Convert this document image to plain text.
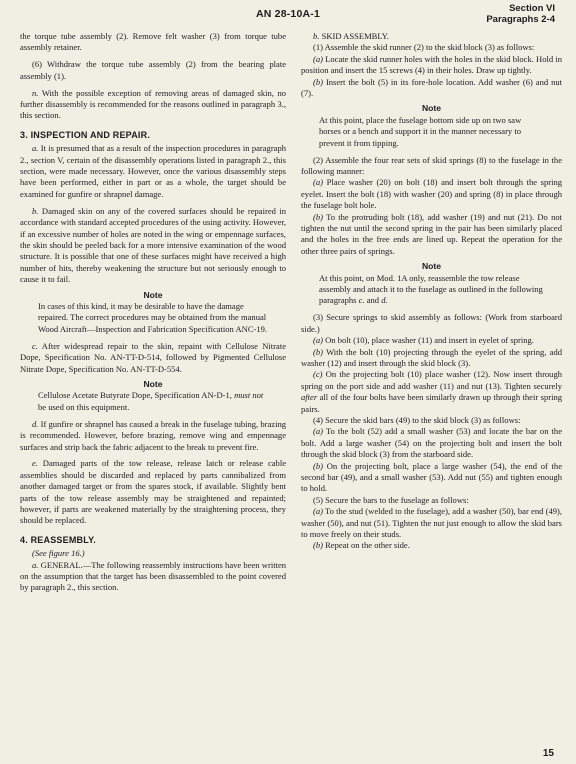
AN 28-10A-1	Section VI
Paragraphs 2-4

the torque tube assembly (2). Remove felt washer (3) from torque tube assembly retainer.

(6) Withdraw the torque tube assembly (2) from the bearing plate assembly (1).

n. With the possible exception of removing areas of damaged skin, no further disassembly is recommended for the reasons outlined in paragraph 3., this section.

3. INSPECTION AND REPAIR.

a. It is presumed that as a result of the inspection procedures in paragraph 2., section V, certain of the disassembly operations listed in paragraph 2., this section, were made necessary. However, once the various disassembly steps have been performed, either in part or as a whole, the target should be examined for gunfire or shrapnel damage.

b. Damaged skin on any of the covered surfaces should be repaired in accordance with standard accepted procedures of the using activity. However, if an excessive number of holes are noted in the wing or empennage surfaces, the skin should be peeled back for a more intensive examination of the wood structure. It is possible that one of these surfaces might have received a high number of hits, thereby weakening the structure but not seriously enough to cause it to fail.

Note

In cases of this kind, it may be desirable to have the damage repaired. The correct procedures may be obtained from the manual Wood Aircraft—Inspection and Fabrication Specification ANC-19.

c. After widespread repair to the skin, repaint with Cellulose Nitrate Dope, Specification No. AN-TT-D-514, followed by Pigmented Cellulose Nitrate Dope, Specification No. AN-TT-D-554.

Note

Cellulose Acetate Butyrate Dope, Specification AN-D-1, must not be used on this equipment.

d. If gunfire or shrapnel has caused a break in the fuselage tubing, brazing is recommended. However, before brazing, remove wing and empennage surfaces and strip back the fabric adjacent to the break to prevent fire.

e. Damaged parts of the tow release, release latch or release cable assemblies should be discarded and replaced by parts cannibalized from another damaged target or from the spares stock, if available. Slightly bent parts of the tow release assembly may be straightened and repainted; however, if parts are weakened materially by the straightening process, they should be replaced.

4. REASSEMBLY.

(See figure 16.)

a. GENERAL.—The following reassembly instructions have been written on the assumption that the target has been disassembled to the point covered by paragraph 2., this section.

b. SKID ASSEMBLY.

(1) Assemble the skid runner (2) to the skid block (3) as follows:

(a) Locate the skid runner holes with the holes in the skid block. Hold in position and insert the 15 screws (4) in their holes. Draw up tightly.

(b) Insert the bolt (5) in its fore-hole location. Add washer (6) and nut (7).

Note

At this point, place the fuselage bottom side up on two saw horses or a bench and support it in the manner necessary to prevent it from tipping.

(2) Assemble the four rear sets of skid springs (8) to the fuselage in the following manner:

(a) Place washer (20) on bolt (18) and insert bolt through the spring eyelet. Insert the bolt (18) with washer (20) and spring (8) in place through the fuselage bolt hole.

(b) To the protruding bolt (18), add washer (19) and nut (21). Do not tighten the nut until the second spring in the pair has been similarly placed and the holes in the free ends are lined up. Repeat the operation for the other three pairs of springs.

Note

At this point, on Mod. 1A only, reassemble the tow release assembly and attach it to the fuselage as outlined in the following paragraphs c. and d.

(3) Secure springs to skid assembly as follows: (Work from starboard side.)

(a) On bolt (10), place washer (11) and insert in eyelet of spring.

(b) With the bolt (10) projecting through the eyelet of the spring, add washer (12) and insert through the skid block (3).

(c) On the projecting bolt (10) place washer (12). Now insert through spring on the port side and add washer (11) and nut (13). Tighten securely after all of the four bolts have been similarly drawn up through their spring pairs.

(4) Secure the skid bars (49) to the skid block (3) as follows:

(a) To the bolt (52) add a small washer (53) and locate the bar on the bolt. Add a large washer (54) on the projecting bolt and insert the bolt through the skid block (3) from the starboard side.

(b) On the projecting bolt, place a large washer (54), the end of the second bar (49), and a small washer (53). Add nut (55) and tighten enough to hold.

(5) Secure the bars to the fuselage as follows:

(a) To the stud (welded to the fuselage), add a washer (50), bar end (49), washer (50), and nut (51). Tighten the nut just enough to allow the skid bars to move freely on their studs.

(b) Repeat on the other side.

15
